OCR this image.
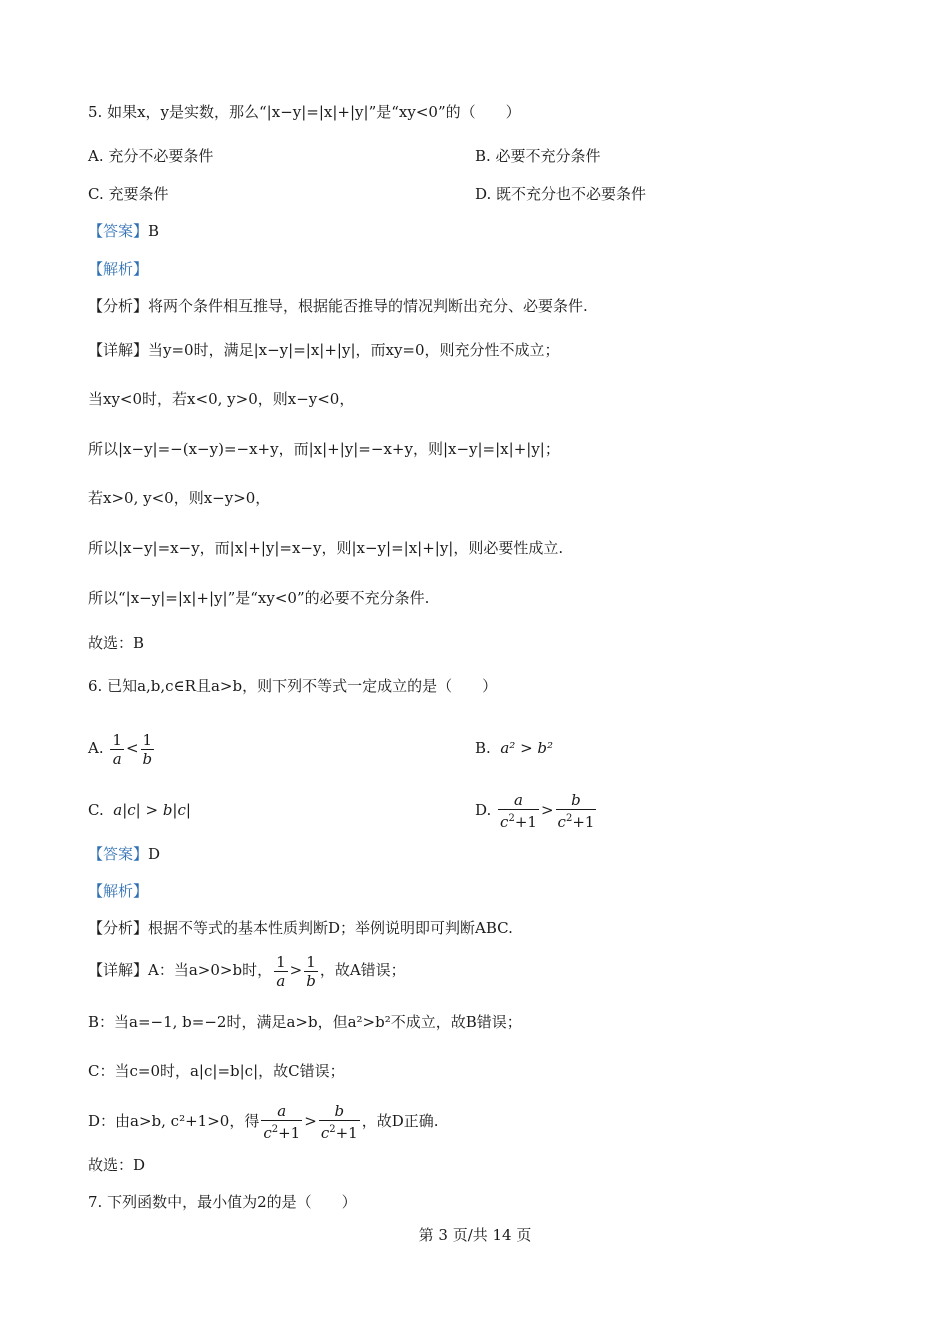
5. 如果x，y是实数，那么“|x−y|=|x|+|y|”是“xy<0”的（　　）
A. 充分不必要条件	B. 必要不充分条件
C. 充要条件	D. 既不充分也不必要条件
【答案】B
【解析】
【分析】将两个条件相互推导，根据能否推导的情况判断出充分、必要条件.
【详解】当y=0时，满足|x−y|=|x|+|y|，而xy=0，则充分性不成立；
当xy<0时，若x<0, y>0，则x−y<0，
所以|x−y|=−(x−y)=−x+y，而|x|+|y|=−x+y，则|x−y|=|x|+|y|；
若x>0, y<0，则x−y>0，
所以|x−y|=x−y，而|x|+|y|=x−y，则|x−y|=|x|+|y|，则必要性成立.
所以“|x−y|=|x|+|y|”是“xy<0”的必要不充分条件.
故选：B
6. 已知a,b,c∈R且a>b，则下列不等式一定成立的是（　　）
A. $\frac{1}{a} < \frac{1}{b}$	B. a² > b²
C. a|c| > b|c|	D. $\frac{a}{c^2+1} > \frac{b}{c^2+1}$
【答案】D
【解析】
【分析】根据不等式的基本性质判断D；举例说明即可判断ABC.
【详解】A：当a>0>b时， $\frac{1}{a} > \frac{1}{b}$ ，故A错误；
B：当a=−1, b=−2时，满足a>b，但a²>b²不成立，故B错误；
C：当c=0时，a|c|=b|c|，故C错误；
D：由a>b, c²+1>0，得 $\frac{a}{c^2+1} > \frac{b}{c^2+1}$ ，故D正确.
故选：D
7. 下列函数中，最小值为2的是（　　）
第 3 页/共 14 页
